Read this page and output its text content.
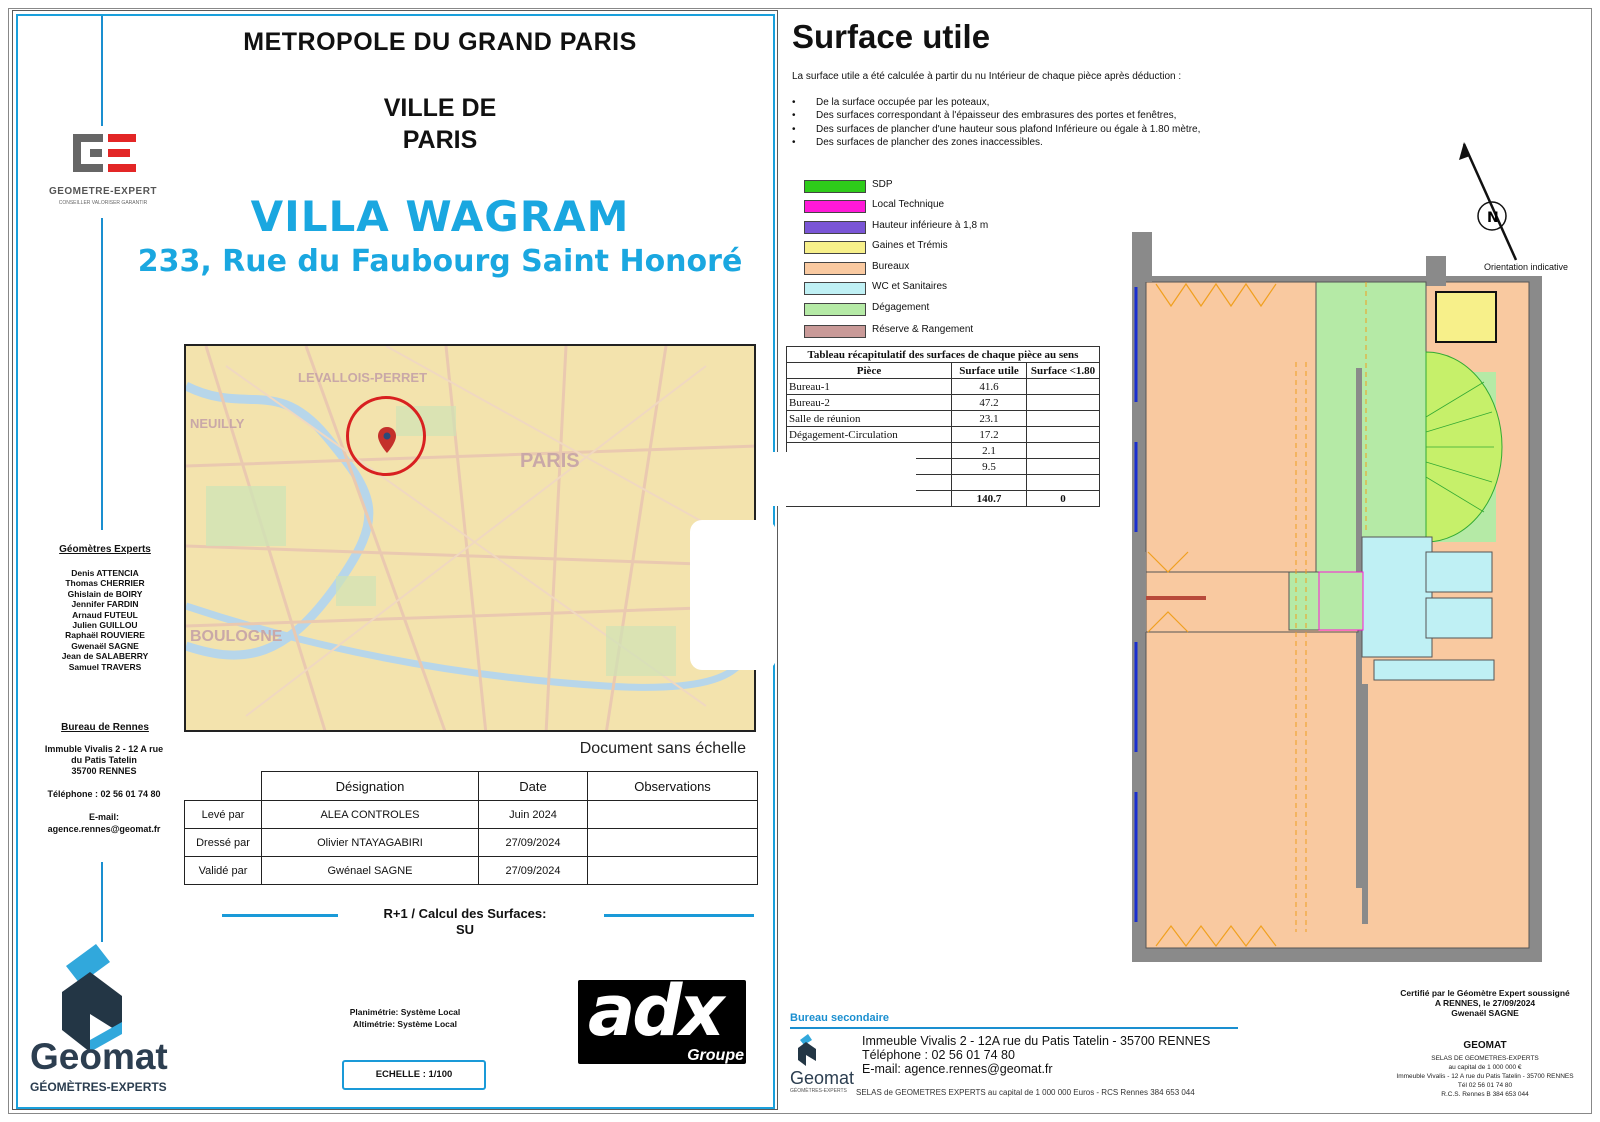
METROPOLE DU GRAND PARIS
VILLE DE
PARIS
VILLA WAGRAM
233, Rue du Faubourg Saint Honoré
GEOMETRE-EXPERT
CONSEILLER VALORISER GARANTIR
LEVALLOIS-PERRET
NEUILLY
PARIS
BOULOGNE
Document sans échelle
Géomètres Experts
Denis ATTENCIA
Thomas CHERRIER
Ghislain de BOIRY
Jennifer FARDIN
Arnaud FUTEUL
Julien GUILLOU
Raphaël ROUVIERE
Gwenaël SAGNE
Jean de SALABERRY
Samuel TRAVERS
Bureau de Rennes
Immuble Vivalis 2 - 12 A rue
du Patis Tatelin
35700 RENNES
Téléphone : 02 56 01 74 80
E-mail:
agence.rennes@geomat.fr
	Désignation	Date	Observations
Levé par	ALEA CONTROLES	Juin 2024	
Dressé par	Olivier NTAYAGABIRI	27/09/2024	
Validé par	Gwénael SAGNE	27/09/2024	
R+1 / Calcul des Surfaces:
SU
Planimétrie: Système Local
Altimétrie: Système Local
ECHELLE : 1/100
adx
Groupe
Geomat
GÉOMÈTRES-EXPERTS
Surface utile
La surface utile a été calculée à partir du nu Intérieur de chaque pièce après déduction :
• De la surface occupée par les poteaux,
• Des surfaces correspondant à l'épaisseur des embrasures des portes et fenêtres,
• Des surfaces de plancher d'une hauteur sous plafond Inférieure ou égale à 1.80 mètre,
• Des surfaces de plancher des zones inaccessibles.
SDP
Local Technique
Hauteur inférieure à 1,8 m
Gaines et Trémis
Bureaux
WC et Sanitaires
Dégagement
Réserve & Rangement
Tableau récapitulatif des surfaces de chaque pièce au sens		
Pièce	Surface utile	Surface <1.80
Bureau-1	41.6	
Bureau-2	47.2	
Salle de réunion	23.1	
Dégagement-Circulation	17.2	
	2.1	
	9.5	

	140.7	0
N
Orientation indicative
Bureau secondaire
Immeuble Vivalis 2 - 12A rue du Patis Tatelin - 35700 RENNES
Téléphone : 02 56 01 74 80
E-mail: agence.rennes@geomat.fr
Geomat
GÉOMÈTRES-EXPERTS SELAS de GEOMETRES EXPERTS au capital de 1 000 000 Euros - RCS Rennes 384 653 044
Certifié par le Géomètre Expert soussigné
A RENNES, le 27/09/2024
Gwenaël SAGNE
GEOMAT
SELAS DE GEOMETRES-EXPERTS
au capital de 1 000 000 €
Immeuble Vivalis - 12 A rue du Patis Tatelin - 35700 RENNES
Tél 02 56 01 74 80
R.C.S. Rennes B 384 653 044
